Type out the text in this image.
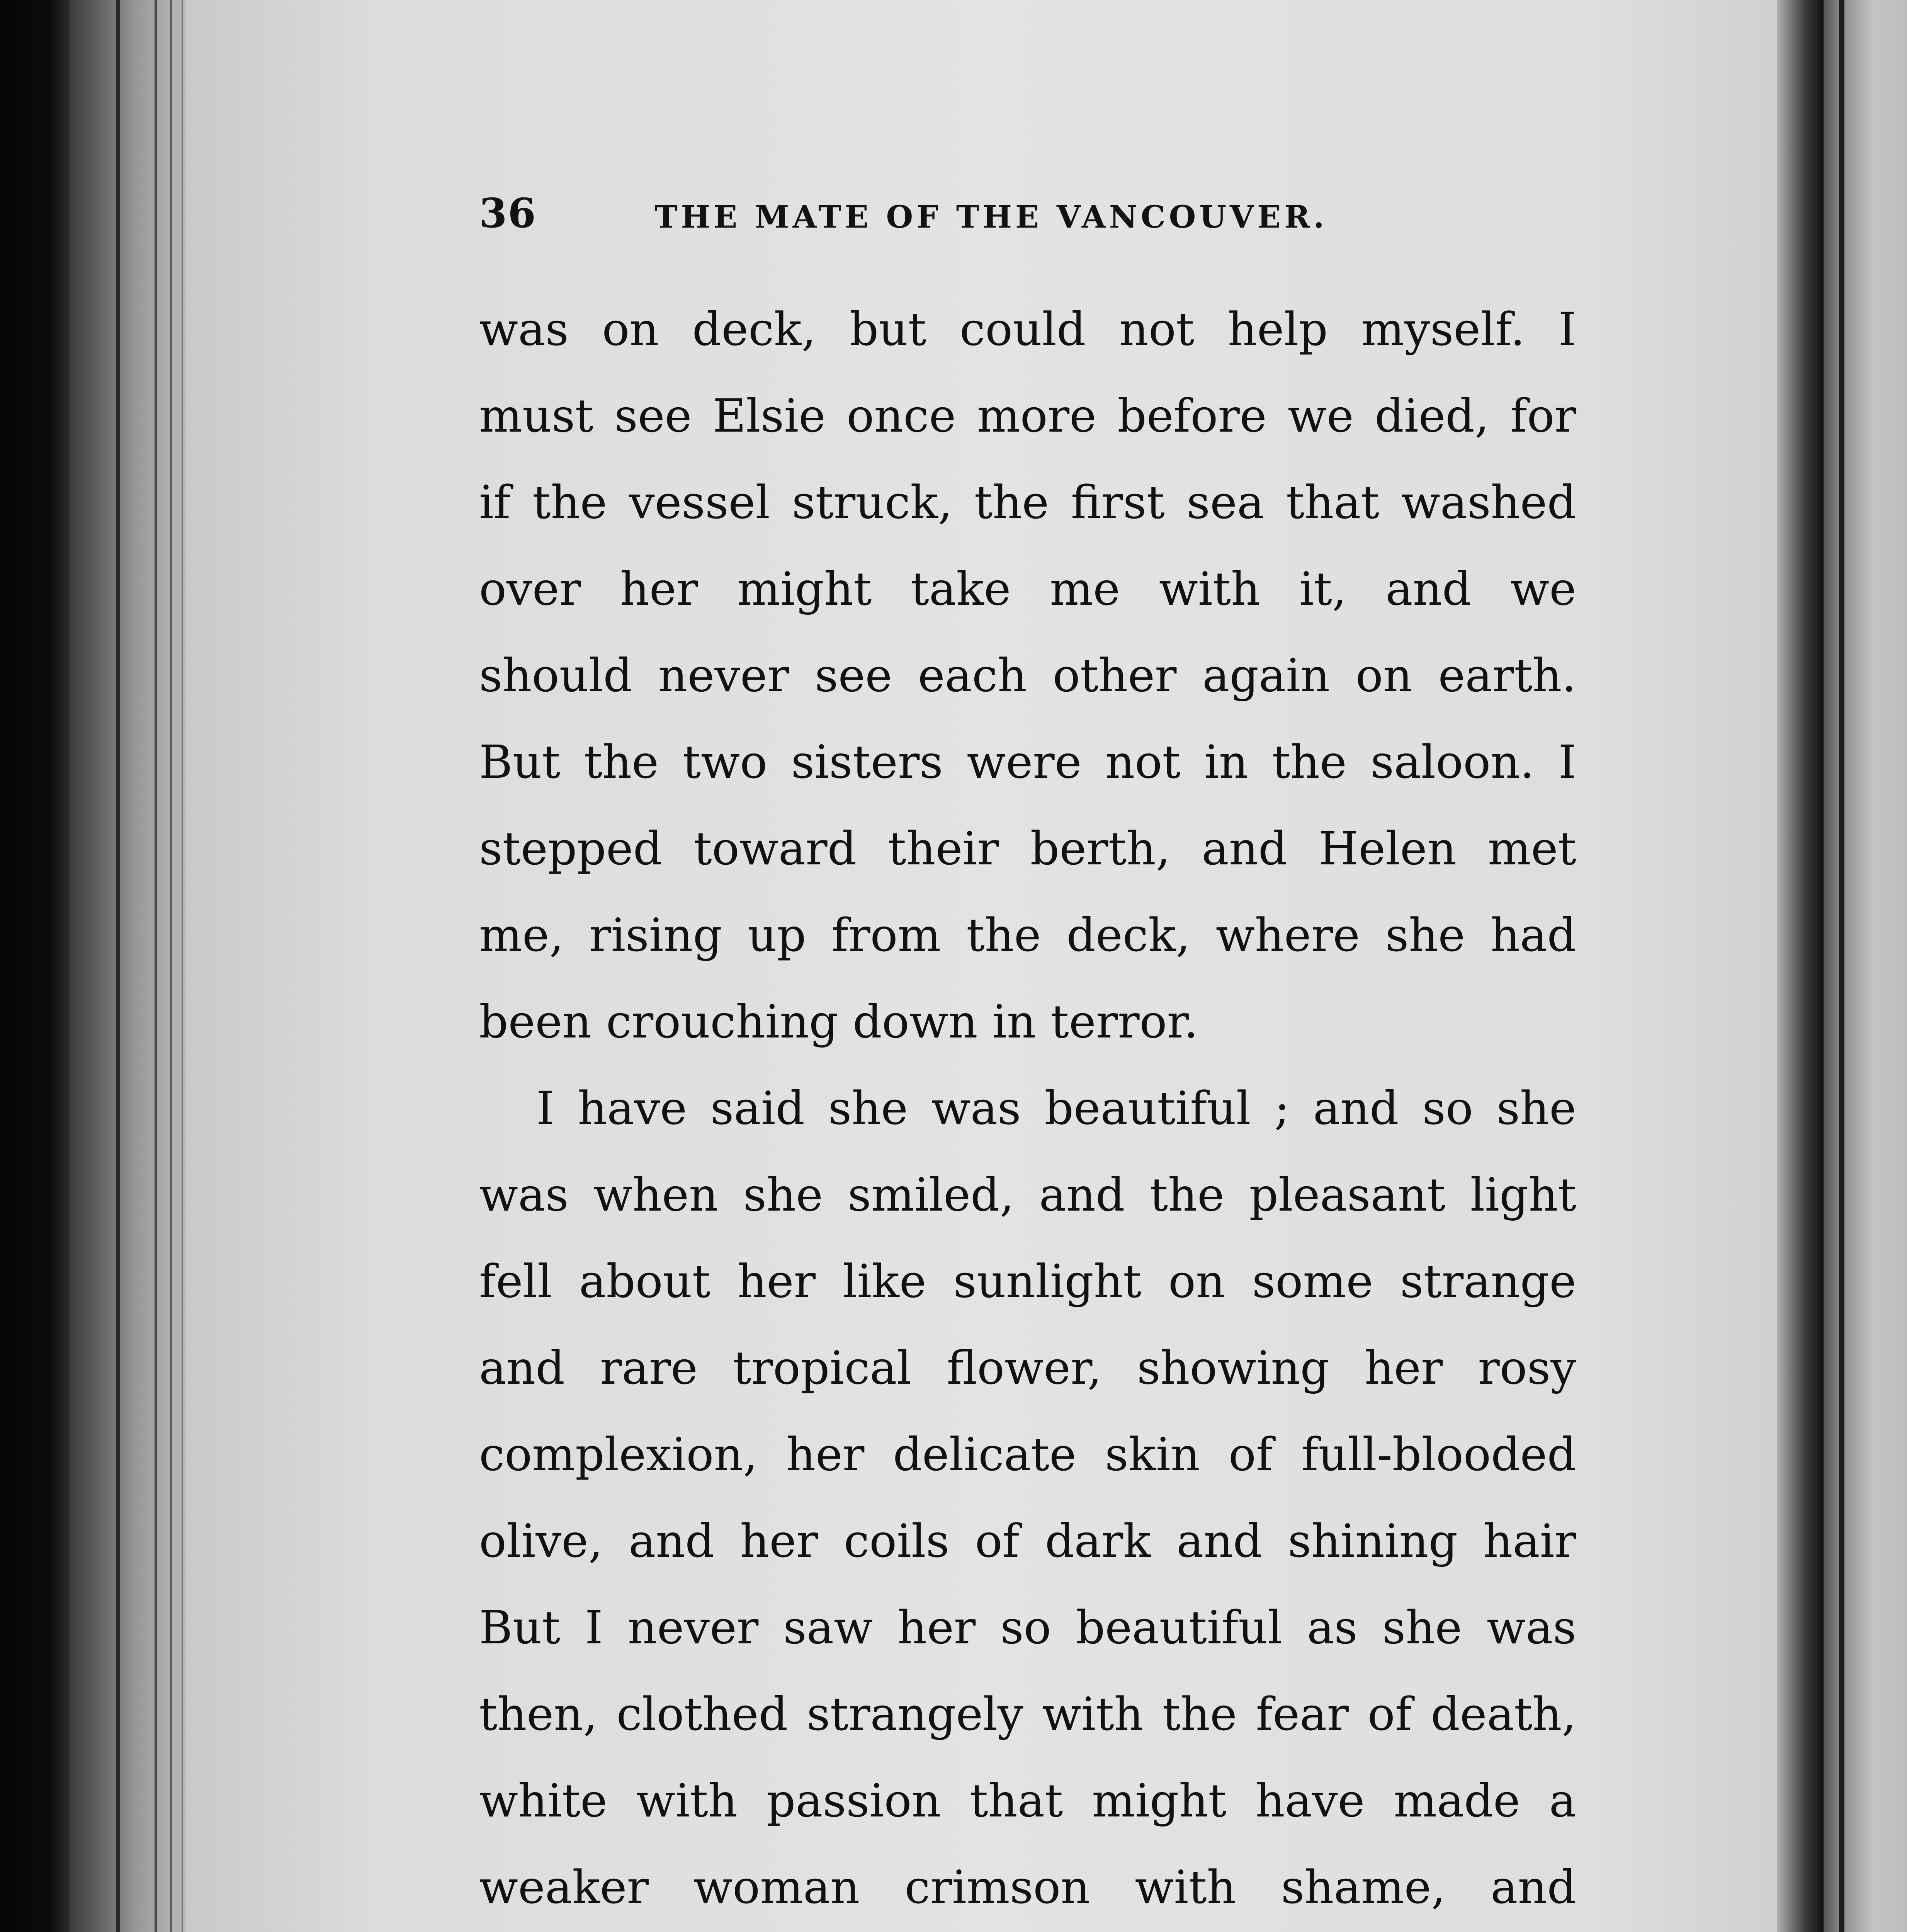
36	THE MATE OF THE VANCOUVER.
was on deck, but could not help myself. I
must see Elsie once more before we died, for
if the vessel struck, the first sea that washed
over her might take me with it, and we
should never see each other again on earth.
But the two sisters were not in the saloon. I
stepped toward their berth, and Helen met
me, rising up from the deck, where she had
been crouching down in terror.
I have said she was beautiful ; and so she
was when she smiled, and the pleasant light
fell about her like sunlight on some strange
and rare tropical flower, showing her rosy
complexion, her delicate skin of full-blooded
olive, and her coils of dark and shining hair
But I never saw her so beautiful as she was
then, clothed strangely with the fear of death,
white with passion that might have made a
weaker woman crimson with shame, and
